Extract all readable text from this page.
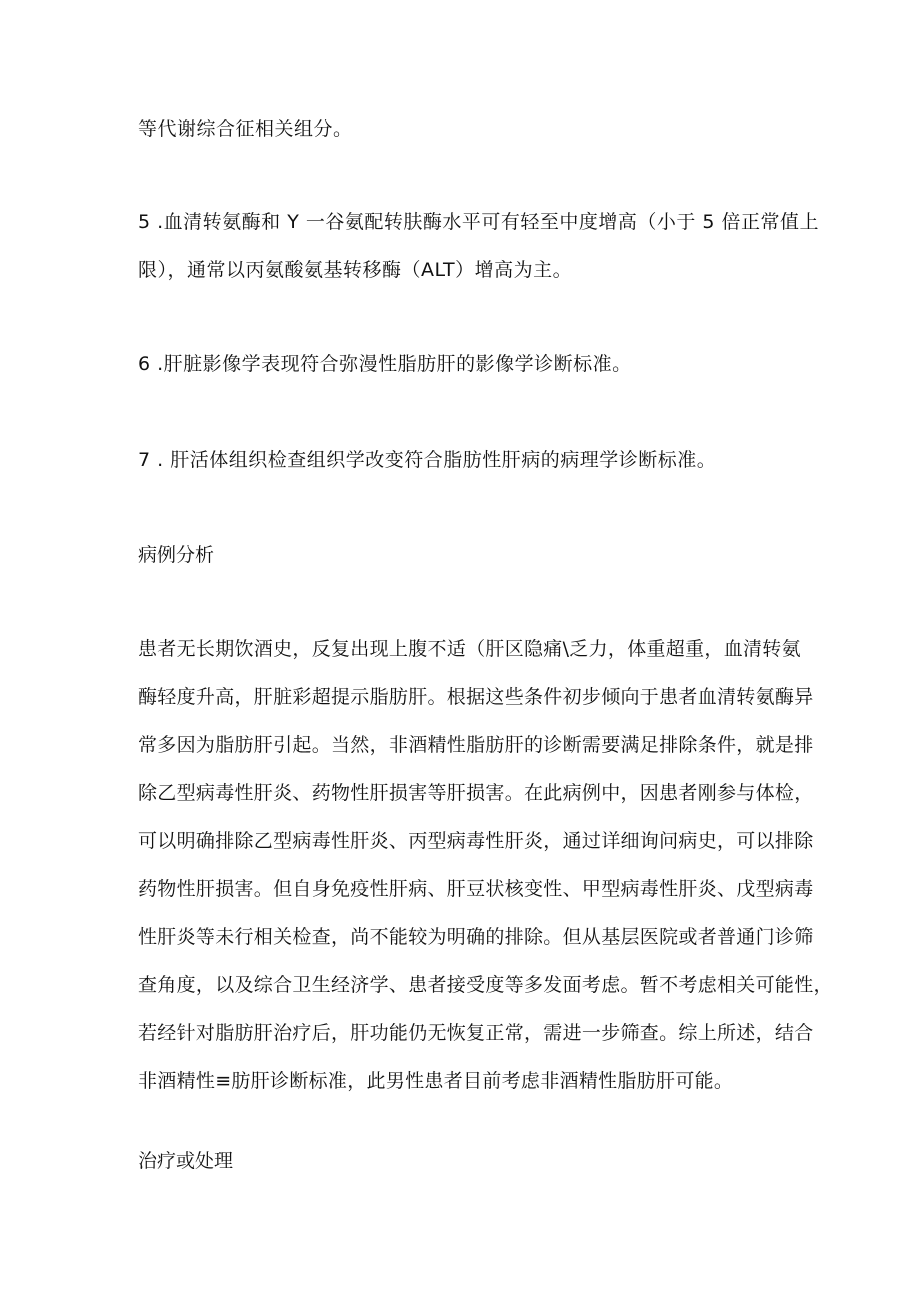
等代谢综合征相关组分。
5 .血清转氨酶和 Y 一谷氨配转肤酶水平可有轻至中度增高（小于 5 倍正常值上
限），通常以丙氨酸氨基转移酶（ALT）增高为主。
6 .肝脏影像学表现符合弥漫性脂肪肝的影像学诊断标准。
7 . 肝活体组织检查组织学改变符合脂肪性肝病的病理学诊断标准。
病例分析
患者无长期饮酒史，反复出现上腹不适（肝区隐痛\乏力，体重超重，血清转氨
酶轻度升高，肝脏彩超提示脂肪肝。根据这些条件初步倾向于患者血清转氨酶异
常多因为脂肪肝引起。当然，非酒精性脂肪肝的诊断需要满足排除条件，就是排
除乙型病毒性肝炎、药物性肝损害等肝损害。在此病例中，因患者刚参与体检，
可以明确排除乙型病毒性肝炎、丙型病毒性肝炎，通过详细询问病史，可以排除
药物性肝损害。但自身免疫性肝病、肝豆状核变性、甲型病毒性肝炎、戊型病毒
性肝炎等未行相关检查，尚不能较为明确的排除。但从基层医院或者普通门诊筛
查角度，以及综合卫生经济学、患者接受度等多发面考虑。暂不考虑相关可能性，
若经针对脂肪肝治疗后，肝功能仍无恢复正常，需进一步筛查。综上所述，结合
非酒精性≡肪肝诊断标准，此男性患者目前考虑非酒精性脂肪肝可能。
治疗或处理
